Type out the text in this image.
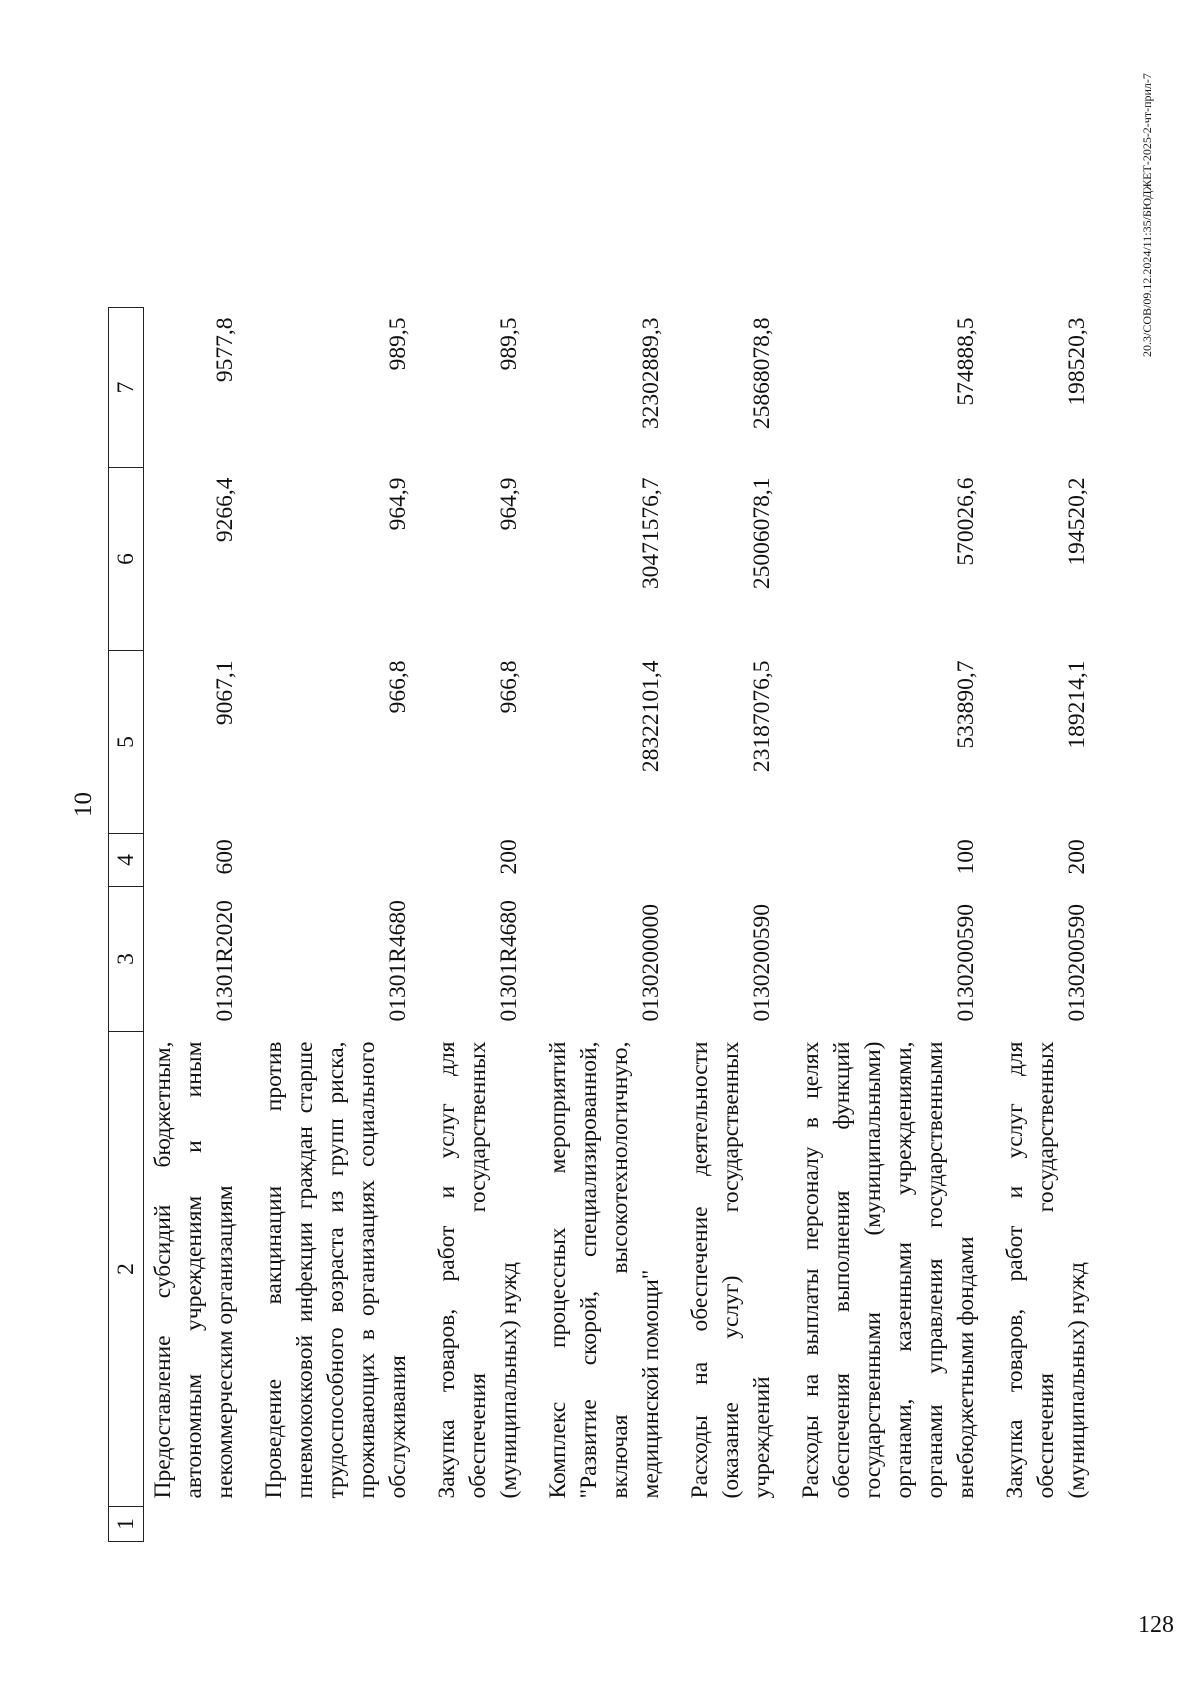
10
1	2	3	4	5	6	7
	Предоставление субсидий бюджетным, автономным учреждениям и иным некоммерческим организациям	01301R2020	600	9067,1	9266,4	9577,8
	Проведение вакцинации против пневмококковой инфекции граждан старше трудоспособного возраста из групп риска, проживающих в организациях социального обслуживания	01301R4680		966,8	964,9	989,5
	Закупка товаров, работ и услуг для обеспечения государственных (муниципальных) нужд	01301R4680	200	966,8	964,9	989,5
	Комплекс процессных мероприятий "Развитие скорой, специализированной, включая высокотехнологичную, медицинской помощи"	0130200000		28322101,4	30471576,7	32302889,3
	Расходы на обеспечение деятельности (оказание услуг) государственных учреждений	0130200590		23187076,5	25006078,1	25868078,8
	Расходы на выплаты персоналу в целях обеспечения выполнения функций государственными (муниципальными) органами, казенными учреждениями, органами управления государственными внебюджетными фондами	0130200590	100	533890,7	570026,6	574888,5
	Закупка товаров, работ и услуг для обеспечения государственных (муниципальных) нужд	0130200590	200	189214,1	194520,2	198520,3
20.3/СОВ/09.12.2024/11:35/БЮДЖЕТ-2025-2-чт-прил-7
128
